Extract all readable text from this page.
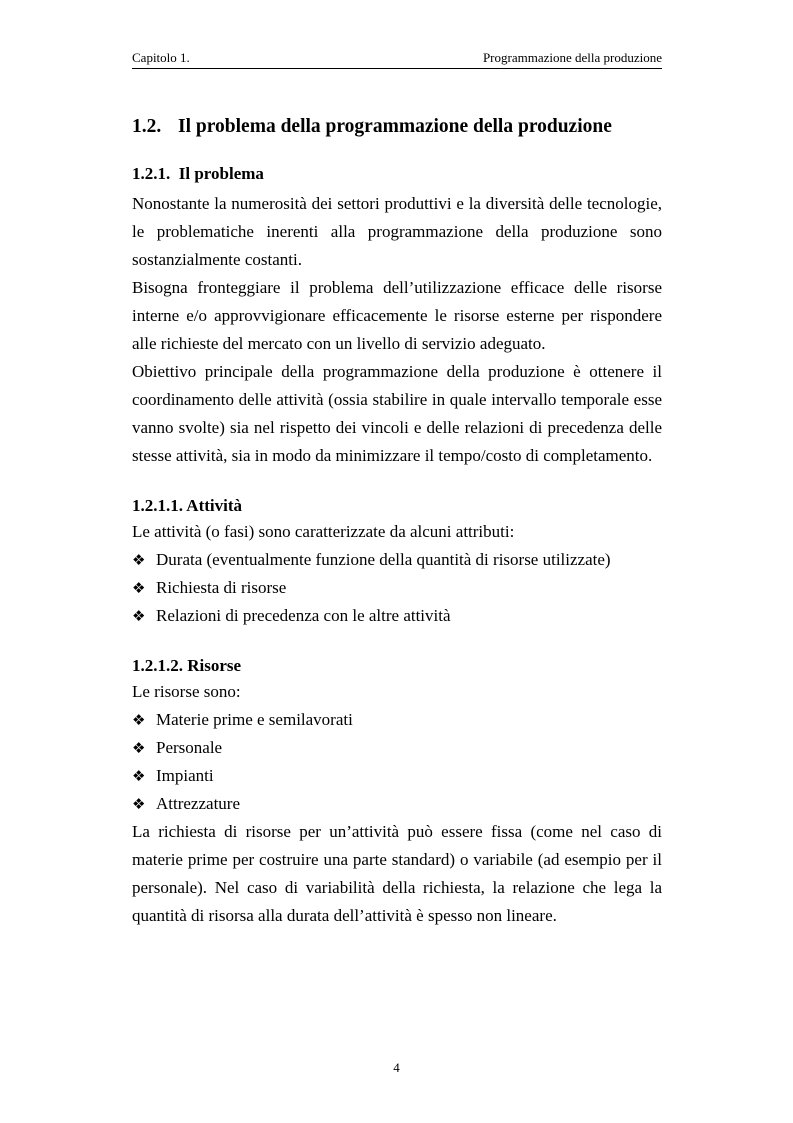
Capitolo 1.	Programmazione della produzione
1.2. Il problema della programmazione della produzione
1.2.1.  Il problema

Nonostante la numerosità dei settori produttivi e la diversità delle tecnologie, le problematiche inerenti alla programmazione della produzione sono sostanzialmente costanti.

Bisogna fronteggiare il problema dell’utilizzazione efficace delle risorse interne e/o approvvigionare efficacemente le risorse esterne per rispondere alle richieste del mercato con un livello di servizio adeguato.

Obiettivo principale della programmazione della produzione è ottenere il coordinamento delle attività (ossia stabilire in quale intervallo temporale esse vanno svolte) sia nel rispetto dei vincoli e delle relazioni di precedenza delle stesse attività, sia in modo da minimizzare il tempo/costo di completamento.

1.2.1.1. Attività
Le attività (o fasi) sono caratterizzate da alcuni attributi:
❖ Durata (eventualmente funzione della quantità di risorse utilizzate)
❖ Richiesta di risorse
❖ Relazioni di precedenza con le altre attività
1.2.1.2. Risorse
Le risorse sono:
❖ Materie prime e semilavorati
❖ Personale
❖ Impianti
❖ Attrezzature

La richiesta di risorse per un’attività può essere fissa (come nel caso di materie prime per costruire una parte standard) o variabile (ad esempio per il personale). Nel caso di variabilità della richiesta, la relazione che lega la quantità di risorsa alla durata dell’attività è spesso non lineare.

4
